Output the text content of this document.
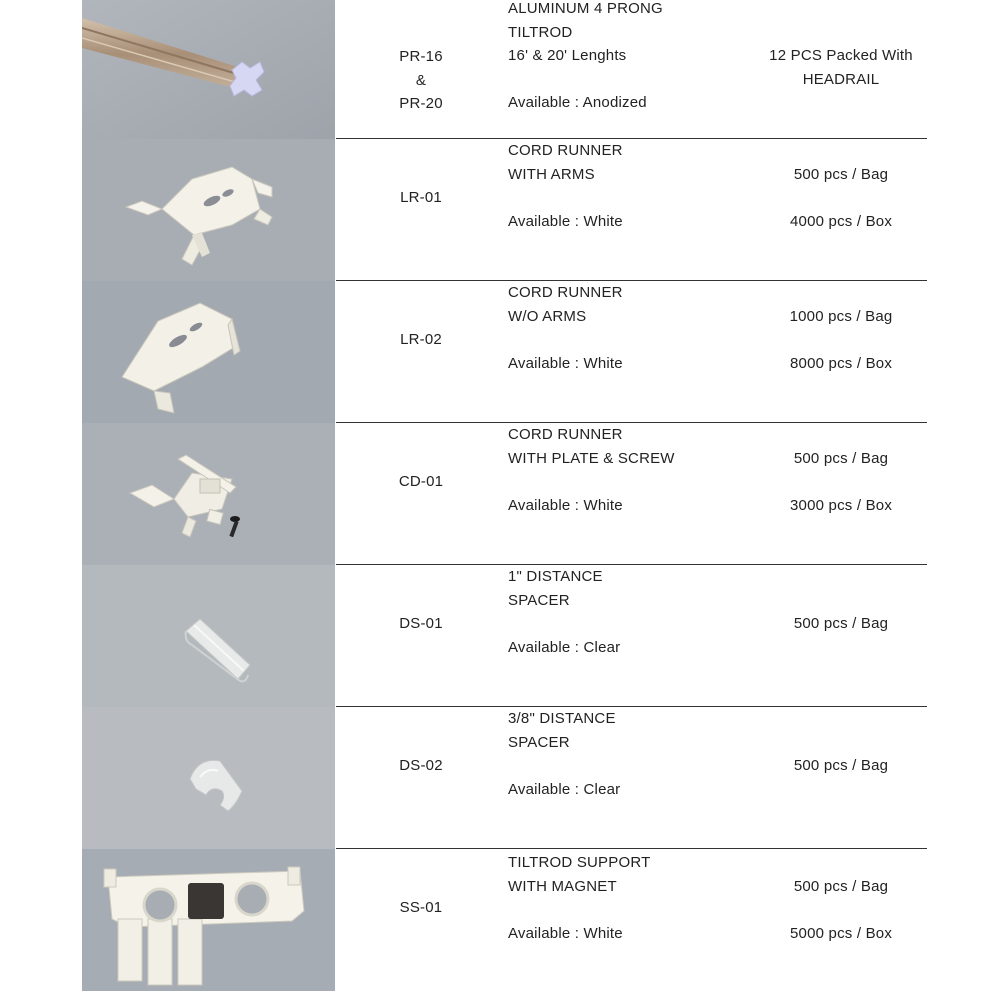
PR-16
&
PR-20
ALUMINUM 4 PRONG
TILTROD
16' & 20' Lenghts
Available : Anodized
12 PCS Packed With
HEADRAIL
LR-01
CORD RUNNER
WITH ARMS
Available : White
500 pcs / Bag
4000 pcs / Box
LR-02
CORD RUNNER
W/O ARMS
Available : White
1000 pcs / Bag
8000 pcs / Box
CD-01
CORD RUNNER
WITH PLATE & SCREW
Available : White
500 pcs / Bag
3000 pcs / Box
DS-01
1" DISTANCE
SPACER
Available : Clear
500 pcs / Bag
DS-02
3/8" DISTANCE
SPACER
Available : Clear
500 pcs / Bag
SS-01
TILTROD SUPPORT
WITH MAGNET
Available : White
500 pcs / Bag
5000 pcs / Box
